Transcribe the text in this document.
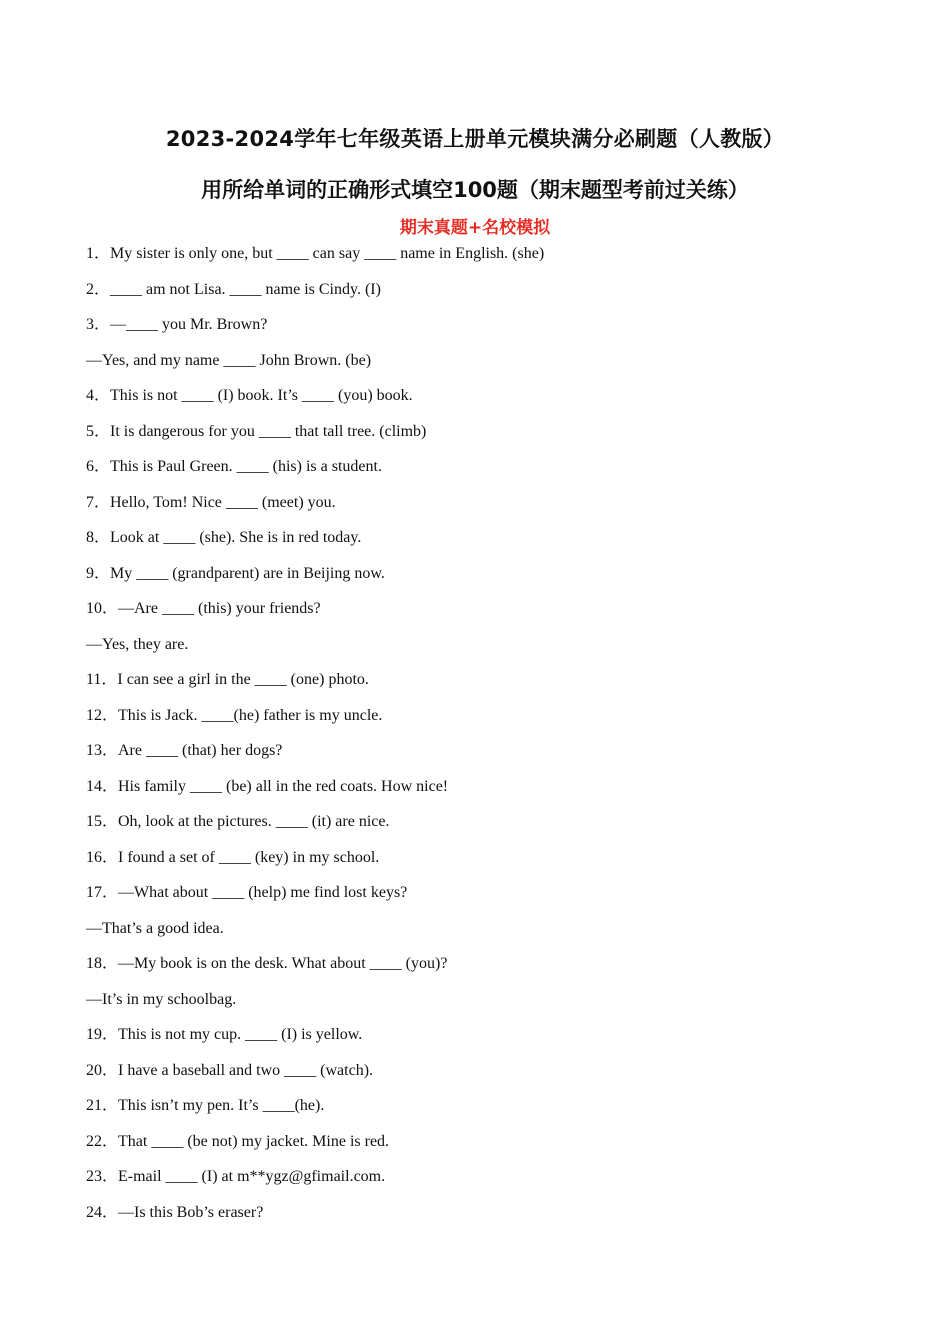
2023-2024学年七年级英语上册单元模块满分必刷题（人教版）
用所给单词的正确形式填空100题（期末题型考前过关练）
期末真题+名校模拟
1．My sister is only one, but ____ can say ____ name in English. (she)
2．____ am not Lisa. ____ name is Cindy. (I)
3．—____ you Mr. Brown?
—Yes, and my name ____ John Brown. (be)
4．This is not ____ (I) book. It’s ____ (you) book.
5．It is dangerous for you ____ that tall tree. (climb)
6．This is Paul Green. ____ (his) is a student.
7．Hello, Tom! Nice ____ (meet) you.
8．Look at ____ (she). She is in red today.
9．My ____ (grandparent) are in Beijing now.
10．—Are ____ (this) your friends?
—Yes, they are.
11．I can see a girl in the ____ (one) photo.
12．This is Jack. ____(he) father is my uncle.
13．Are ____ (that) her dogs?
14．His family ____ (be) all in the red coats. How nice!
15．Oh, look at the pictures. ____ (it) are nice.
16．I found a set of ____ (key) in my school.
17．—What about ____ (help) me find lost keys?
—That’s a good idea.
18．—My book is on the desk. What about ____ (you)?
—It’s in my schoolbag.
19．This is not my cup. ____ (I) is yellow.
20．I have a baseball and two ____ (watch).
21．This isn’t my pen. It’s ____(he).
22．That ____ (be not) my jacket. Mine is red.
23．E-mail ____ (I) at m**ygz@gfimail.com.
24．—Is this Bob’s eraser?
